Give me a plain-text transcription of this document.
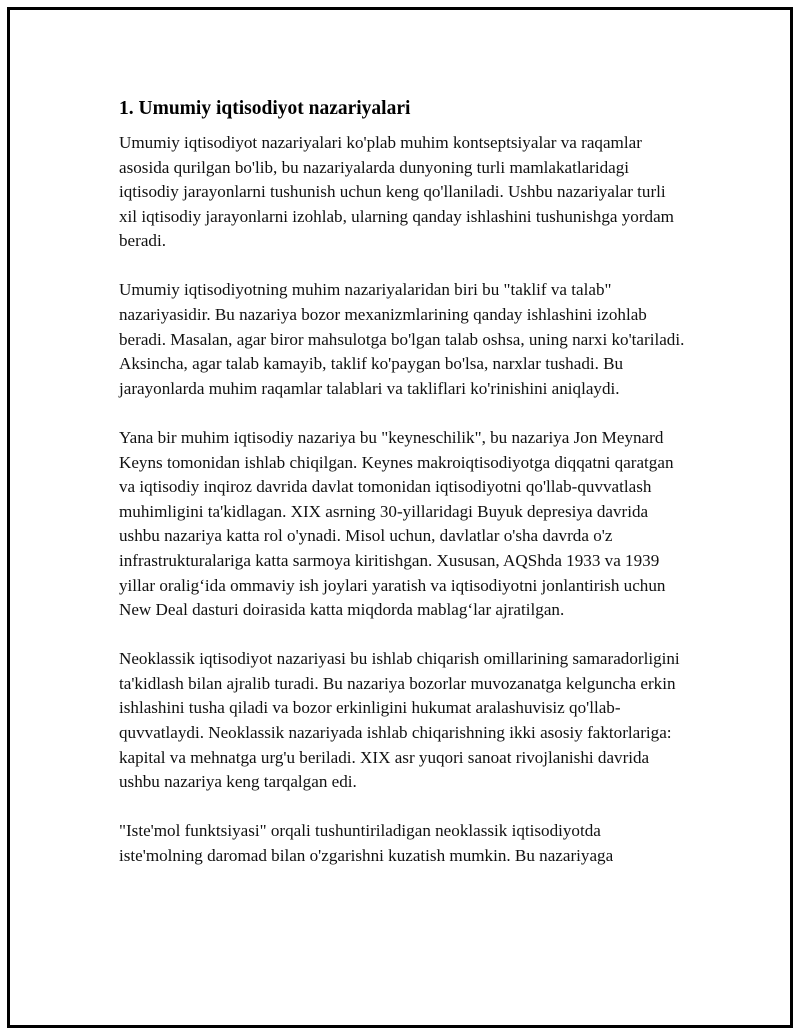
1. Umumiy iqtisodiyot nazariyalari

Umumiy iqtisodiyot nazariyalari ko'plab muhim kontseptsiyalar va raqamlar asosida qurilgan bo'lib, bu nazariyalarda dunyoning turli mamlakatlaridagi iqtisodiy jarayonlarni tushunish uchun keng qo'llaniladi. Ushbu nazariyalar turli xil iqtisodiy jarayonlarni izohlab, ularning qanday ishlashini tushunishga yordam beradi.

Umumiy iqtisodiyotning muhim nazariyalaridan biri bu "taklif va talab" nazariyasidir. Bu nazariya bozor mexanizmlarining qanday ishlashini izohlab beradi. Masalan, agar biror mahsulotga bo'lgan talab oshsa, uning narxi ko'tariladi. Aksincha, agar talab kamayib, taklif ko'paygan bo'lsa, narxlar tushadi. Bu jarayonlarda muhim raqamlar talablari va takliflari ko'rinishini aniqlaydi.

Yana bir muhim iqtisodiy nazariya bu "keyneschilik", bu nazariya Jon Meynard Keyns tomonidan ishlab chiqilgan. Keynes makroiqtisodiyotga diqqatni qaratgan va iqtisodiy inqiroz davrida davlat tomonidan iqtisodiyotni qo'llab-quvvatlash muhimligini ta'kidlagan. XIX asrning 30-yillaridagi Buyuk depresiya davrida ushbu nazariya katta rol o'ynadi. Misol uchun, davlatlar o'sha davrda o'z infrastrukturalariga katta sarmoya kiritishgan. Xususan, AQShda 1933 va 1939 yillar oralig‘ida ommaviy ish joylari yaratish va iqtisodiyotni jonlantirish uchun New Deal dasturi doirasida katta miqdorda mablag‘lar ajratilgan.

Neoklassik iqtisodiyot nazariyasi bu ishlab chiqarish omillarining samaradorligini ta'kidlash bilan ajralib turadi. Bu nazariya bozorlar muvozanatga kelguncha erkin ishlashini tusha qiladi va bozor erkinligini hukumat aralashuvisiz qo'llab-quvvatlaydi. Neoklassik nazariyada ishlab chiqarishning ikki asosiy faktorlariga: kapital va mehnatga urg'u beriladi. XIX asr yuqori sanoat rivojlanishi davrida ushbu nazariya keng tarqalgan edi.

"Iste'mol funktsiyasi" orqali tushuntiriladigan neoklassik iqtisodiyotda iste'molning daromad bilan o'zgarishni kuzatish mumkin. Bu nazariyaga
